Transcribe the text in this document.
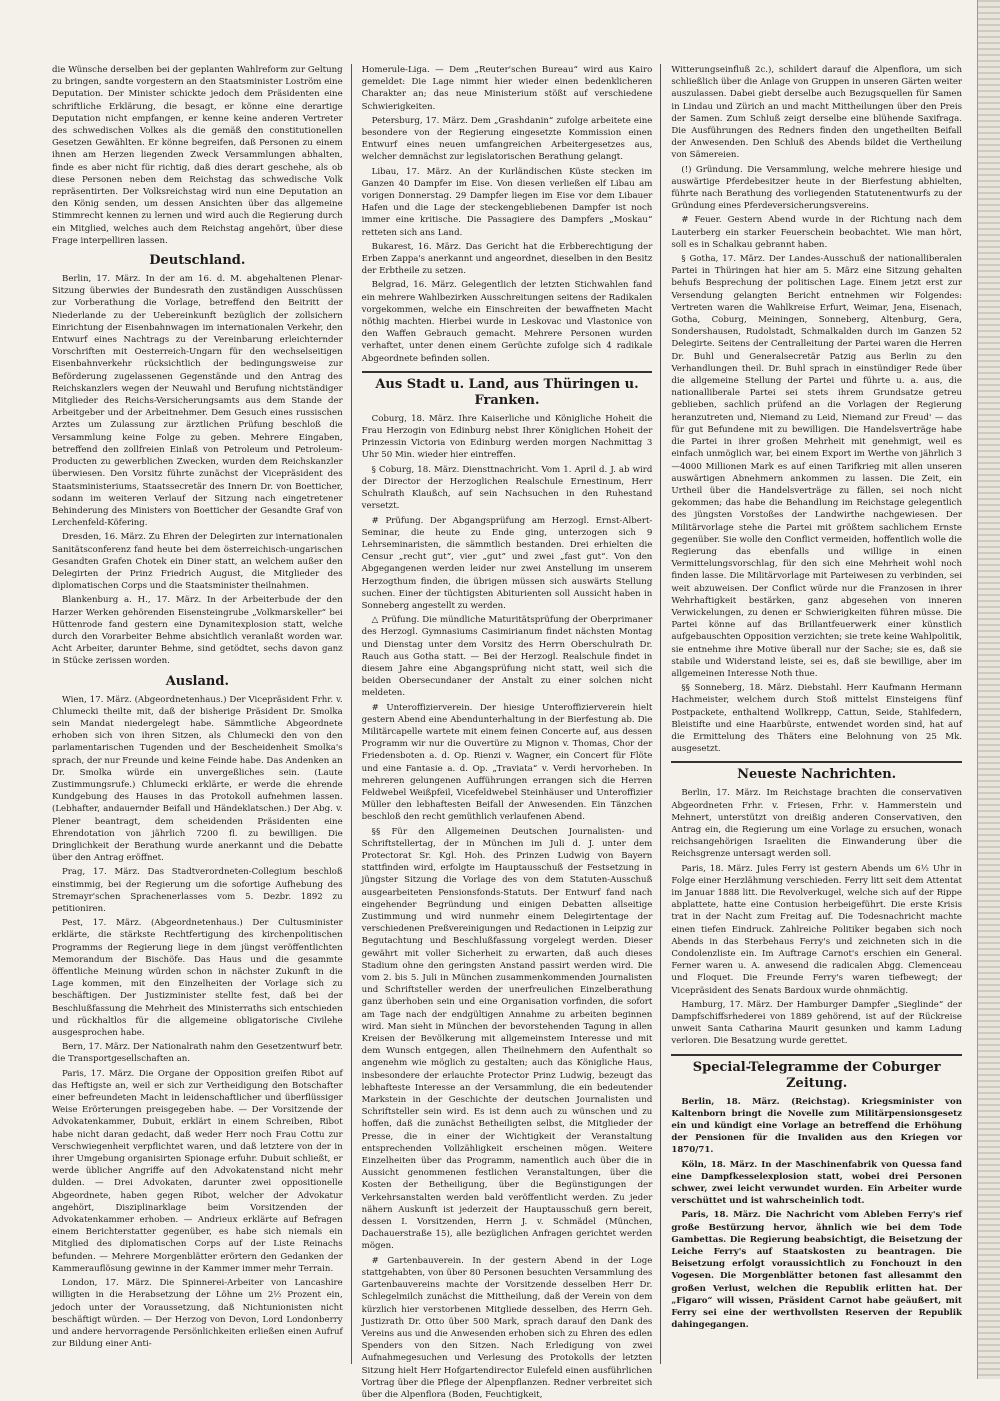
die Wünsche derselben bei der geplanten Wahlreform zur Geltung zu bringen, sandte vorgestern an den Staatsminister Loström eine Deputation. Der Minister schickte jedoch dem Präsidenten eine schriftliche Erklärung, die besagt, er könne eine derartige Deputation nicht empfangen, er kenne keine anderen Vertreter des schwedischen Volkes als die gemäß den constitutionellen Gesetzen Gewählten. Er könne begreifen, daß Personen zu einem ihnen am Herzen liegenden Zweck Versammlungen abhalten, finde es aber nicht für richtig, daß dies derart geschehe, als ob diese Personen neben dem Reichstag das schwedische Volk repräsentirten. Der Volksreichstag wird nun eine Deputation an den König senden, um dessen Ansichten über das allgemeine Stimmrecht kennen zu lernen und wird auch die Regierung durch ein Mitglied, welches auch dem Reichstag angehört, über diese Frage interpelliren lassen.

Deutschland.

Berlin, 17. März. In der am 16. d. M. abgehaltenen Plenar-Sitzung überwies der Bundesrath den zuständigen Ausschüssen zur Vorberathung die Vorlage, betreffend den Beitritt der Niederlande zu der Uebereinkunft bezüglich der zollsichern Einrichtung der Eisenbahnwagen im internationalen Verkehr, den Entwurf eines Nachtrags zu der Vereinbarung erleichternder Vorschriften mit Oesterreich-Ungarn für den wechselseitigen Eisenbahnverkehr rücksichtlich der bedingungsweise zur Beförderung zugelassenen Gegenstände und den Antrag des Reichskanzlers wegen der Neuwahl und Berufung nichtständiger Mitglieder des Reichs-Versicherungsamts aus dem Stande der Arbeitgeber und der Arbeitnehmer. Dem Gesuch eines russischen Arztes um Zulassung zur ärztlichen Prüfung beschloß die Versammlung keine Folge zu geben. Mehrere Eingaben, betreffend den zollfreien Einlaß von Petroleum und Petroleum-Producten zu gewerblichen Zwecken, wurden dem Reichskanzler überwiesen. Den Vorsitz führte zunächst der Vicepräsident des Staatsministeriums, Staatssecretär des Innern Dr. von Boetticher, sodann im weiteren Verlauf der Sitzung nach eingetretener Behinderung des Ministers von Boetticher der Gesandte Graf von Lerchenfeld-Köfering.

Dresden, 16. März. Zu Ehren der Delegirten zur internationalen Sanitätsconferenz fand heute bei dem österreichisch-ungarischen Gesandten Grafen Chotek ein Diner statt, an welchem außer den Delegirten der Prinz Friedrich August, die Mitglieder des diplomatischen Corps und die Staatsminister theilnahmen.

Blankenburg a. H., 17. März. In der Arbeiterbude der den Harzer Werken gehörenden Eisensteingrube „Volkmarskeller“ bei Hüttenrode fand gestern eine Dynamitexplosion statt, welche durch den Vorarbeiter Behme absichtlich veranlaßt worden war. Acht Arbeiter, darunter Behme, sind getödtet, sechs davon ganz in Stücke zerissen worden.

Ausland.

Wien, 17. März. (Abgeordnetenhaus.) Der Vicepräsident Frhr. v. Chlumecki theilte mit, daß der bisherige Präsident Dr. Smolka sein Mandat niedergelegt habe. Sämmtliche Abgeordnete erhoben sich von ihren Sitzen, als Chlumecki den von den parlamentarischen Tugenden und der Bescheidenheit Smolka's sprach, der nur Freunde und keine Feinde habe. Das Andenken an Dr. Smolka würde ein unvergeßliches sein. (Laute Zustimmungsrufe.) Chlumecki erklärte, er werde die ehrende Kundgebung des Hauses in das Protokoll aufnehmen lassen. (Lebhafter, andauernder Beifall und Händeklatschen.) Der Abg. v. Plener beantragt, dem scheidenden Präsidenten eine Ehrendotation von jährlich 7200 fl. zu bewilligen. Die Dringlichkeit der Berathung wurde anerkannt und die Debatte über den Antrag eröffnet.

Prag, 17. März. Das Stadtverordneten-Collegium beschloß einstimmig, bei der Regierung um die sofortige Aufhebung des Stremayr'schen Sprachenerlasses vom 5. Dezbr. 1892 zu petitioniren.

Pest, 17. März. (Abgeordnetenhaus.) Der Cultusminister erklärte, die stärkste Rechtfertigung des kirchenpolitischen Programms der Regierung liege in dem jüngst veröffentlichten Memorandum der Bischöfe. Das Haus und die gesammte öffentliche Meinung würden schon in nächster Zukunft in die Lage kommen, mit den Einzelheiten der Vorlage sich zu beschäftigen. Der Justizminister stellte fest, daß bei der Beschlußfassung die Mehrheit des Ministerraths sich entschieden und rückhaltlos für die allgemeine obligatorische Civilehe ausgesprochen habe.

Bern, 17. März. Der Nationalrath nahm den Gesetzentwurf betr. die Transportgesellschaften an.

Paris, 17. März. Die Organe der Opposition greifen Ribot auf das Heftigste an, weil er sich zur Vertheidigung den Botschafter einer befreundeten Macht in leidenschaftlicher und überflüssiger Weise Erörterungen preisgegeben habe. — Der Vorsitzende der Advokatenkammer, Dubuit, erklärt in einem Schreiben, Ribot habe nicht daran gedacht, daß weder Herr noch Frau Cottu zur Verschwiegenheit verpflichtet waren, und daß letztere von der in ihrer Umgebung organisirten Spionage erfuhr. Dubuit schließt, er werde üblicher Angriffe auf den Advokatenstand nicht mehr dulden. — Drei Advokaten, darunter zwei oppositionelle Abgeordnete, haben gegen Ribot, welcher der Advokatur angehört, Disziplinarklage beim Vorsitzenden der Advokatenkammer erhoben. — Andrieux erklärte auf Befragen einem Berichterstatter gegenüber, es habe sich niemals ein Mitglied des diplomatischen Corps auf der Liste Reinachs befunden. — Mehrere Morgenblätter erörtern den Gedanken der Kammerauflösung gewinne in der Kammer immer mehr Terrain.

London, 17. März. Die Spinnerei-Arbeiter von Lancashire willigten in die Herabsetzung der Löhne um 2½ Prozent ein, jedoch unter der Voraussetzung, daß Nichtunionisten nicht beschäftigt würden. — Der Herzog von Devon, Lord Londonberry und andere hervorragende Persönlichkeiten erließen einen Aufruf zur Bildung einer Anti-

Homerule-Liga. — Dem „Reuter'schen Bureau“ wird aus Kairo gemeldet: Die Lage nimmt hier wieder einen bedenklicheren Charakter an; das neue Ministerium stößt auf verschiedene Schwierigkeiten.

Petersburg, 17. März. Dem „Grashdanin“ zufolge arbeitete eine besondere von der Regierung eingesetzte Kommission einen Entwurf eines neuen umfangreichen Arbeitergesetzes aus, welcher demnächst zur legislatorischen Berathung gelangt.

Libau, 17. März. An der Kurländischen Küste stecken im Ganzen 40 Dampfer im Eise. Von diesen verließen elf Libau am vorigen Donnerstag. 29 Dampfer liegen im Eise vor dem Libauer Hafen und die Lage der steckengebliebenen Dampfer ist noch immer eine kritische. Die Passagiere des Dampfers „Moskau“ retteten sich ans Land.

Bukarest, 16. März. Das Gericht hat die Erbberechtigung der Erben Zappa's anerkannt und angeordnet, dieselben in den Besitz der Erbtheile zu setzen.

Belgrad, 16. März. Gelegentlich der letzten Stichwahlen fand ein mehrere Wahlbezirken Ausschreitungen seitens der Radikalen vorgekommen, welche ein Einschreiten der bewaffneten Macht nöthig machten. Hierbei wurde in Leskovac und Vlastonice von den Waffen Gebrauch gemacht. Mehrere Personen wurden verhaftet, unter denen einem Gerüchte zufolge sich 4 radikale Abgeordnete befinden sollen.

Aus Stadt u. Land, aus Thüringen u. Franken.

Coburg, 18. März. Ihre Kaiserliche und Königliche Hoheit die Frau Herzogin von Edinburg nebst Ihrer Königlichen Hoheit der Prinzessin Victoria von Edinburg werden morgen Nachmittag 3 Uhr 50 Min. wieder hier eintreffen.

§ Coburg, 18. März. Diensttnachricht. Vom 1. April d. J. ab wird der Director der Herzoglichen Realschule Ernestinum, Herr Schulrath Klaußch, auf sein Nachsuchen in den Ruhestand versetzt.

# Prüfung. Der Abgangsprüfung am Herzogl. Ernst-Albert-Seminar, die heute zu Ende ging, unterzogen sich 9 Lehrseminaristen, die sämmtlich bestanden. Drei erhielten die Censur „recht gut“, vier „gut“ und zwei „fast gut“. Von den Abgegangenen werden leider nur zwei Anstellung im unserem Herzogthum finden, die übrigen müssen sich auswärts Stellung suchen. Einer der tüchtigsten Abiturienten soll Aussicht haben in Sonneberg angestellt zu werden.

△ Prüfung. Die mündliche Maturitätsprüfung der Oberprimaner des Herzogl. Gymnasiums Casimirianum findet nächsten Montag und Dienstag unter dem Vorsitz des Herrn Oberschulrath Dr. Rauch aus Gotha statt. — Bei der Herzogl. Realschule findet in diesem Jahre eine Abgangsprüfung nicht statt, weil sich die beiden Obersecundaner der Anstalt zu einer solchen nicht meldeten.

# Unteroffizierverein. Der hiesige Unteroffizierverein hielt gestern Abend eine Abendunterhaltung in der Bierfestung ab. Die Militärcapelle wartete mit einem feinen Concerte auf, aus dessen Programm wir nur die Ouvertüre zu Mignon v. Thomas, Chor der Friedensboten a. d. Op. Rienzi v. Wagner, ein Concert für Flöte und eine Fantasie a. d. Op. „Traviata“ v. Verdi hervorheben. In mehreren gelungenen Aufführungen errangen sich die Herren Feldwebel Weißpfeil, Vicefeldwebel Steinhäuser und Unteroffizier Müller den lebhaftesten Beifall der Anwesenden. Ein Tänzchen beschloß den recht gemüthlich verlaufenen Abend.

§§ Für den Allgemeinen Deutschen Journalisten- und Schriftstellertag, der in München im Juli d. J. unter dem Protectorat Sr. Kgl. Hoh. des Prinzen Ludwig von Bayern stattfinden wird, erfolgte im Hauptausschuß der Festsetzung in jüngster Sitzung die Vorlage des von dem Statuten-Ausschuß ausgearbeiteten Pensionsfonds-Statuts. Der Entwurf fand nach eingehender Begründung und einigen Debatten allseitige Zustimmung und wird nunmehr einem Delegirtentage der verschiedenen Preßvereinigungen und Redactionen in Leipzig zur Begutachtung und Beschlußfassung vorgelegt werden. Dieser gewährt mit voller Sicherheit zu erwarten, daß auch dieses Stadium ohne den geringsten Anstand passirt werden wird. Die vom 2. bis 5. Juli in München zusammenkommenden Journalisten und Schriftsteller werden der unerfreulichen Einzelberathung ganz überhoben sein und eine Organisation vorfinden, die sofort am Tage nach der endgültigen Annahme zu arbeiten beginnen wird. Man sieht in München der bevorstehenden Tagung in allen Kreisen der Bevölkerung mit allgemeinstem Interesse und mit dem Wunsch entgegen, allen Theilnehmern den Aufenthalt so angenehm wie möglich zu gestalten; auch das Königliche Haus, insbesondere der erlauchte Protector Prinz Ludwig, bezeugt das lebhafteste Interesse an der Versammlung, die ein bedeutender Markstein in der Geschichte der deutschen Journalisten und Schriftsteller sein wird. Es ist denn auch zu wünschen und zu hoffen, daß die zunächst Betheiligten selbst, die Mitglieder der Presse, die in einer der Wichtigkeit der Veranstaltung entsprechenden Vollzähligkeit erscheinen mögen. Weitere Einzelheiten über das Programm, namentlich auch über die in Aussicht genommenen festlichen Veranstaltungen, über die Kosten der Betheiligung, über die Begünstigungen der Verkehrsanstalten werden bald veröffentlicht werden. Zu jeder nähern Auskunft ist jederzeit der Hauptausschuß gern bereit, dessen I. Vorsitzenden, Herrn J. v. Schmädel (München, Dachauerstraße 15), alle bezüglichen Anfragen gerichtet werden mögen.

# Gartenbauverein. In der gestern Abend in der Loge stattgehabten, von über 80 Personen besuchten Versammlung des Gartenbauvereins machte der Vorsitzende desselben Herr Dr. Schlegelmilch zunächst die Mittheilung, daß der Verein von dem kürzlich hier verstorbenen Mitgliede desselben, des Herrn Geh. Justizrath Dr. Otto über 500 Mark, sprach darauf den Dank des Vereins aus und die Anwesenden erhoben sich zu Ehren des edlen Spenders von den Sitzen. Nach Erledigung von zwei Aufnahmegesuchen und Verlesung des Protokolls der letzten Sitzung hielt Herr Hofgartendirector Eulefeld einen ausführlichen Vortrag über die Pflege der Alpenpflanzen. Redner verbreitet sich über die Alpenflora (Boden, Feuchtigkeit,

Witterungseinfluß 2c.), schildert darauf die Alpenflora, um sich schließlich über die Anlage von Gruppen in unseren Gärten weiter auszulassen. Dabei giebt derselbe auch Bezugsquellen für Samen in Lindau und Zürich an und macht Mittheilungen über den Preis der Samen. Zum Schluß zeigt derselbe eine blühende Saxifraga. Die Ausführungen des Redners finden den ungetheilten Beifall der Anwesenden. Den Schluß des Abends bildet die Vertheilung von Sämereien.

(!) Gründung. Die Versammlung, welche mehrere hiesige und auswärtige Pferdebesitzer heute in der Bierfestung abhielten, führte nach Berathung des vorliegenden Statutenentwurfs zu der Gründung eines Pferdeversicherungsvereins.

# Feuer. Gestern Abend wurde in der Richtung nach dem Lauterberg ein starker Feuerschein beobachtet. Wie man hört, soll es in Schalkau gebrannt haben.

§ Gotha, 17. März. Der Landes-Ausschuß der nationalliberalen Partei in Thüringen hat hier am 5. März eine Sitzung gehalten behufs Besprechung der politischen Lage. Einem jetzt erst zur Versendung gelangten Bericht entnehmen wir Folgendes: Vertreten waren die Wahlkreise Erfurt, Weimar, Jena, Eisenach, Gotha, Coburg, Meiningen, Sonneberg, Altenburg, Gera, Sondershausen, Rudolstadt, Schmalkalden durch im Ganzen 52 Delegirte. Seitens der Centralleitung der Partei waren die Herren Dr. Buhl und Generalsecretär Patzig aus Berlin zu den Verhandlungen theil. Dr. Buhl sprach in einstündiger Rede über die allgemeine Stellung der Partei und führte u. a. aus, die nationalliberale Partei sei stets ihrem Grundsatze getreu geblieben, sachlich prüfend an die Vorlagen der Regierung heranzutreten und, Niemand zu Leid, Niemand zur Freud' — das für gut Befundene mit zu bewilligen. Die Handelsverträge habe die Partei in ihrer großen Mehrheit mit genehmigt, weil es einfach unmöglich war, bei einem Export im Werthe von jährlich 3—4000 Millionen Mark es auf einen Tarifkrieg mit allen unseren auswärtigen Abnehmern ankommen zu lassen. Die Zeit, ein Urtheil über die Handelsverträge zu fällen, sei noch nicht gekommen; das habe die Behandlung im Reichstage gelegentlich des jüngsten Vorstoßes der Landwirthe nachgewiesen. Der Militärvorlage stehe die Partei mit größtem sachlichem Ernste gegenüber. Sie wolle den Conflict vermeiden, hoffentlich wolle die Regierung das ebenfalls und willige in einen Vermittelungsvorschlag, für den sich eine Mehrheit wohl noch finden lasse. Die Militärvorlage mit Parteiwesen zu verbinden, sei weit abzuweisen. Der Conflict würde nur die Franzosen in ihrer Wehrhaftigkeit bestärken, ganz abgesehen von inneren Verwickelungen, zu denen er Schwierigkeiten führen müsse. Die Partei könne auf das Brillantfeuerwerk einer künstlich aufgebauschten Opposition verzichten; sie trete keine Wahlpolitik, sie entnehme ihre Motive überall nur der Sache; sie es, daß sie stabile und Widerstand leiste, sei es, daß sie bewillige, aber im allgemeinen Interesse Noth thue.

§§ Sonneberg, 18. März. Diebstahl. Herr Kaufmann Hermann Hachmeister, welchem durch Stoß mittelst Einsteigens fünf Postpackete, enthaltend Wollkrepp, Cattun, Seide, Stahlfedern, Bleistifte und eine Haarbürste, entwendet worden sind, hat auf die Ermittelung des Thäters eine Belohnung von 25 Mk. ausgesetzt.

Neueste Nachrichten.

Berlin, 17. März. Im Reichstage brachten die conservativen Abgeordneten Frhr. v. Friesen, Frhr. v. Hammerstein und Mehnert, unterstützt von dreißig anderen Conservativen, den Antrag ein, die Regierung um eine Vorlage zu ersuchen, wonach reichsangehörigen Israeliten die Einwanderung über die Reichsgrenze untersagt werden soll.

Paris, 18. März. Jules Ferry ist gestern Abends um 6½ Uhr in Folge einer Herzlähmung verschieden. Ferry litt seit dem Attentat im Januar 1888 litt. Die Revolverkugel, welche sich auf der Rippe abplattete, hatte eine Contusion herbeigeführt. Die erste Krisis trat in der Nacht zum Freitag auf. Die Todesnachricht machte einen tiefen Eindruck. Zahlreiche Politiker begaben sich noch Abends in das Sterbehaus Ferry's und zeichneten sich in die Condolenzliste ein. Im Auftrage Carnot's erschien ein General. Ferner waren u. A. anwesend die radicalen Abgg. Clemenceau und Floquet. Die Freunde Ferry's waren tiefbewegt; der Vicepräsident des Senats Bardoux wurde ohnmächtig.

Hamburg, 17. März. Der Hamburger Dampfer „Sieglinde“ der Dampfschiffsrhederei von 1889 gehörend, ist auf der Rückreise unweit Santa Catharina Maurit gesunken und kamm Ladung verloren. Die Besatzung wurde gerettet.

Special-Telegramme der Coburger Zeitung.

Berlin, 18. März. (Reichstag). Kriegsminister von Kaltenborn bringt die Novelle zum Militärpensionsgesetz ein und kündigt eine Vorlage an betreffend die Erhöhung der Pensionen für die Invaliden aus den Kriegen vor 1870/71.

Köln, 18. März. In der Maschinenfabrik von Quessa fand eine Dampfkesselexplosion statt, wobei drei Personen schwer, zwei leicht verwundet wurden. Ein Arbeiter wurde verschüttet und ist wahrscheinlich todt.

Paris, 18. März. Die Nachricht vom Ableben Ferry's rief große Bestürzung hervor, ähnlich wie bei dem Tode Gambettas. Die Regierung beabsichtigt, die Beisetzung der Leiche Ferry's auf Staatskosten zu beantragen. Die Beisetzung erfolgt voraussichtlich zu Fonchouzt in den Vogesen. Die Morgenblätter betonen fast allesammt den großen Verlust, welchen die Republik erlitten hat. Der „Figaro“ will wissen, Präsident Carnot habe geäußert, mit Ferry sei eine der werthvollsten Reserven der Republik dahingegangen.
